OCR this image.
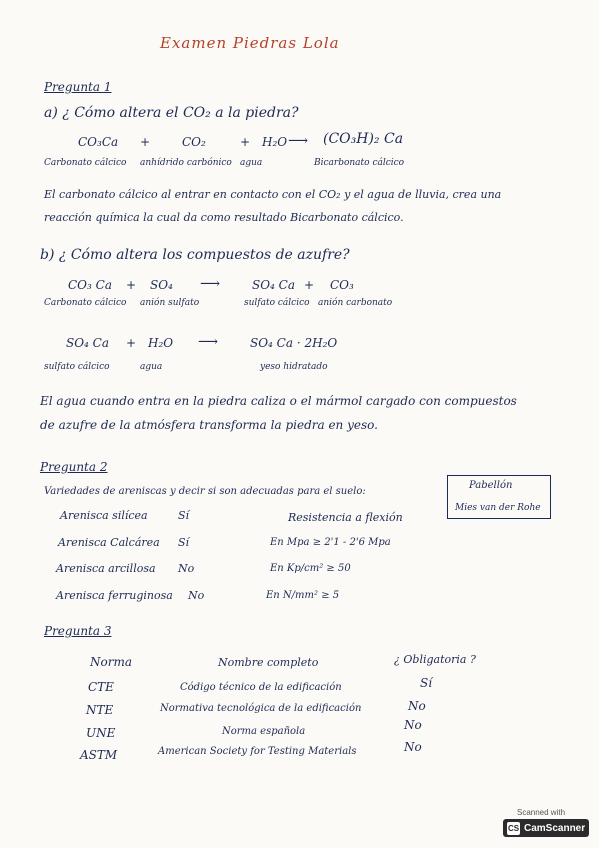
Examen Piedras Lola
Pregunta 1
a) ¿ Cómo altera el CO₂ a la piedra?
CO₃Ca +	CO₂	+ H₂O ⟶ (CO₃H)₂ Ca
Carbonato cálcico anhídrido carbónico agua	Bicarbonato cálcico
El carbonato cálcico al entrar en contacto con el CO₂ y el agua de lluvia, crea una
reacción química la cual da como resultado Bicarbonato cálcico.
b) ¿ Cómo altera los compuestos de azufre?
CO₃ Ca + SO₄ ⟶	SO₄ Ca + CO₃
Carbonato cálcico anión sulfato	sulfato cálcico anión carbonato
SO₄ Ca + H₂O ⟶	SO₄ Ca · 2H₂O
sulfato cálcico	agua	yeso hidratado
El agua cuando entra en la piedra caliza o el mármol cargado con compuestos
de azufre de la atmósfera transforma la piedra en yeso.
Pregunta 2
Variedades de areniscas y decir si son adecuadas para el suelo:
Pabellón
Mies van der Rohe
Arenisca silícea	Sí	Resistencia a flexión
Arenisca Calcárea Sí	En Mpa ≥ 2'1 - 2'6 Mpa
Arenisca arcillosa No	En Kp/cm² ≥ 50
Arenisca ferruginosa No	En N/mm² ≥ 5
Pregunta 3
Norma	Nombre completo	¿ Obligatoria ?
CTE	Código técnico de la edificación	Sí
NTE	Normativa tecnológica de la edificación	No
UNE	Norma española	No
ASTM	American Society for Testing Materials	No
Scanned with
CS CamScanner
